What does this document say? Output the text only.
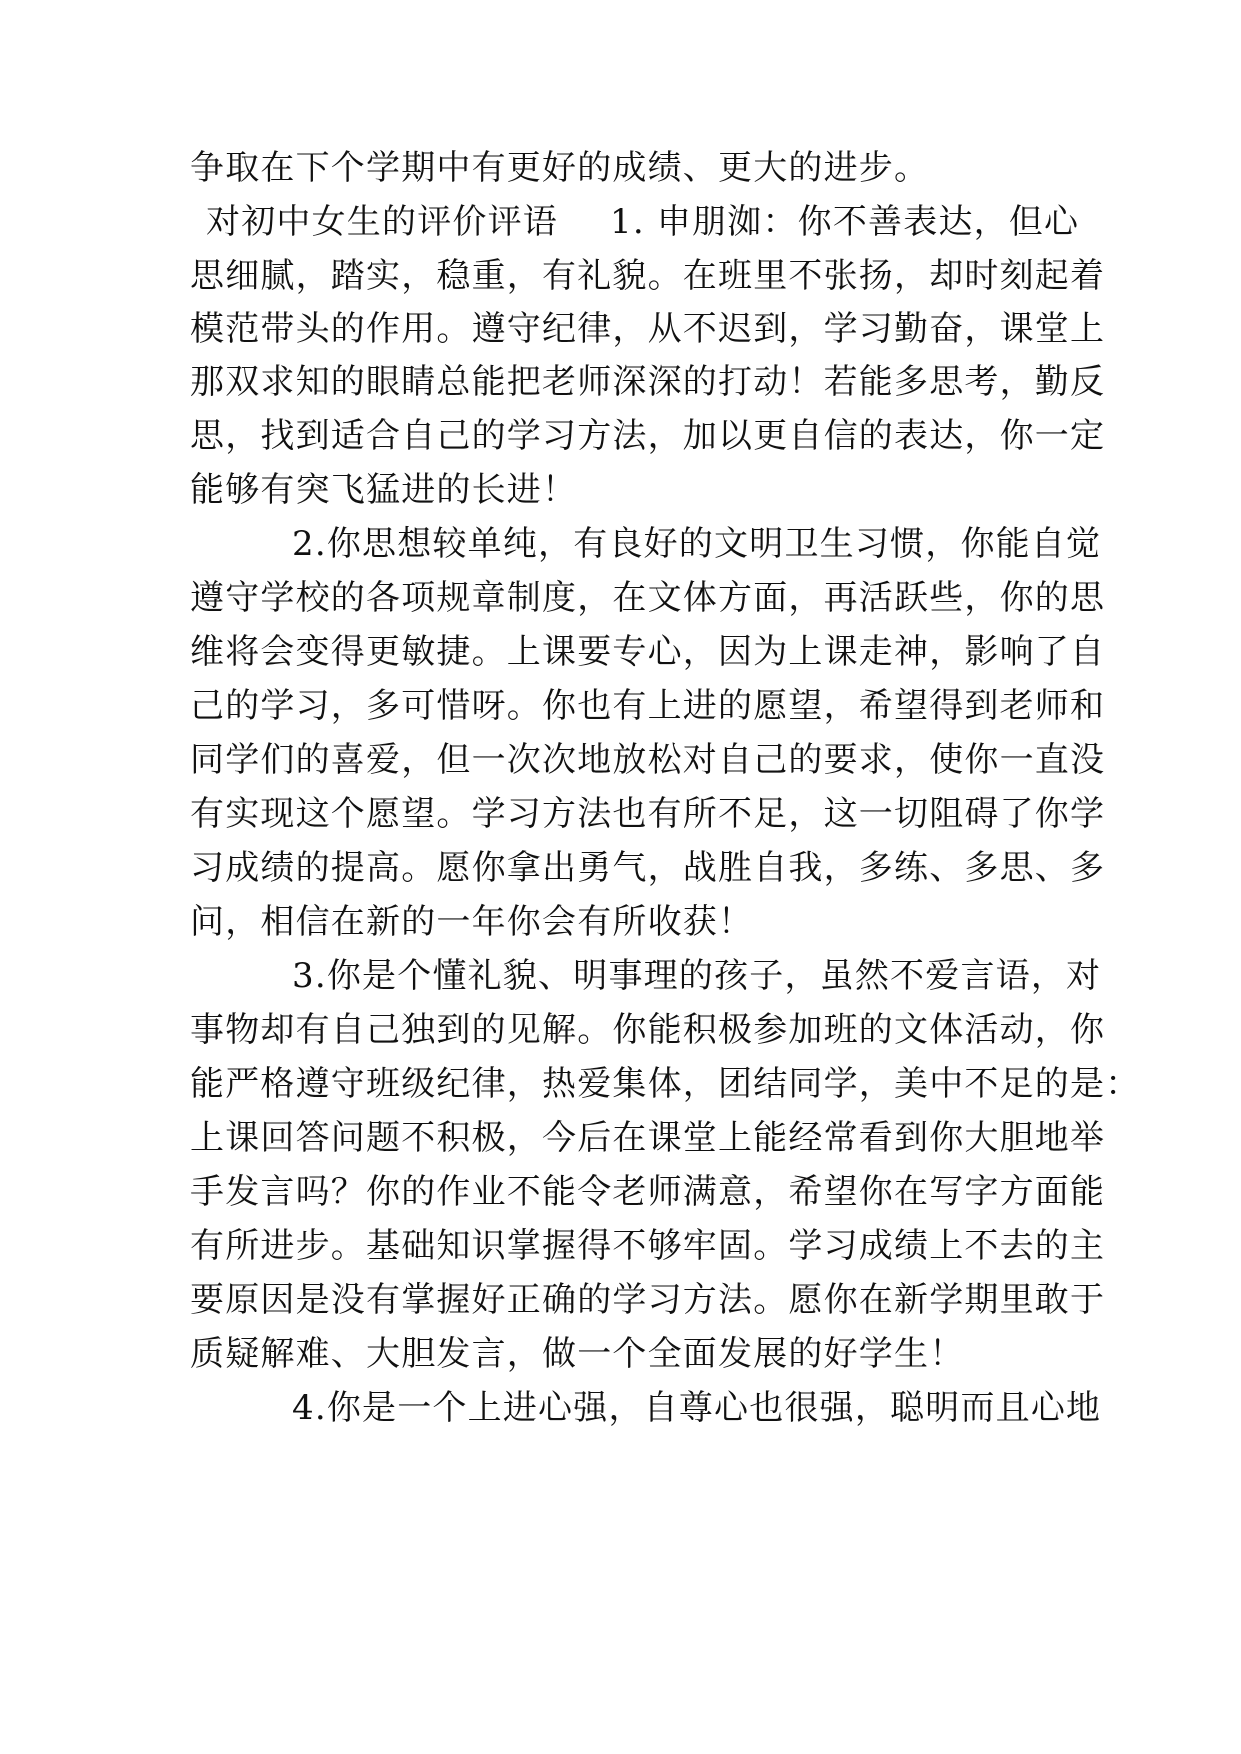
争取在下个学期中有更好的成绩、更大的进步。
对初中女生的评价评语 1. 申朋洳：你不善表达，但心
思细腻，踏实，稳重，有礼貌。在班里不张扬，却时刻起着
模范带头的作用。遵守纪律，从不迟到，学习勤奋，课堂上
那双求知的眼睛总能把老师深深的打动！若能多思考，勤反
思，找到适合自己的学习方法，加以更自信的表达，你一定
能够有突飞猛进的长进！
2.你思想较单纯，有良好的文明卫生习惯，你能自觉
遵守学校的各项规章制度，在文体方面，再活跃些，你的思
维将会变得更敏捷。上课要专心，因为上课走神，影响了自
己的学习，多可惜呀。你也有上进的愿望，希望得到老师和
同学们的喜爱，但一次次地放松对自己的要求，使你一直没
有实现这个愿望。学习方法也有所不足，这一切阻碍了你学
习成绩的提高。愿你拿出勇气，战胜自我，多练、多思、多
问，相信在新的一年你会有所收获！
3.你是个懂礼貌、明事理的孩子，虽然不爱言语，对
事物却有自己独到的见解。你能积极参加班的文体活动，你
能严格遵守班级纪律，热爱集体，团结同学，美中不足的是：
上课回答问题不积极，今后在课堂上能经常看到你大胆地举
手发言吗？你的作业不能令老师满意，希望你在写字方面能
有所进步。基础知识掌握得不够牢固。学习成绩上不去的主
要原因是没有掌握好正确的学习方法。愿你在新学期里敢于
质疑解难、大胆发言，做一个全面发展的好学生！
4.你是一个上进心强，自尊心也很强，聪明而且心地
